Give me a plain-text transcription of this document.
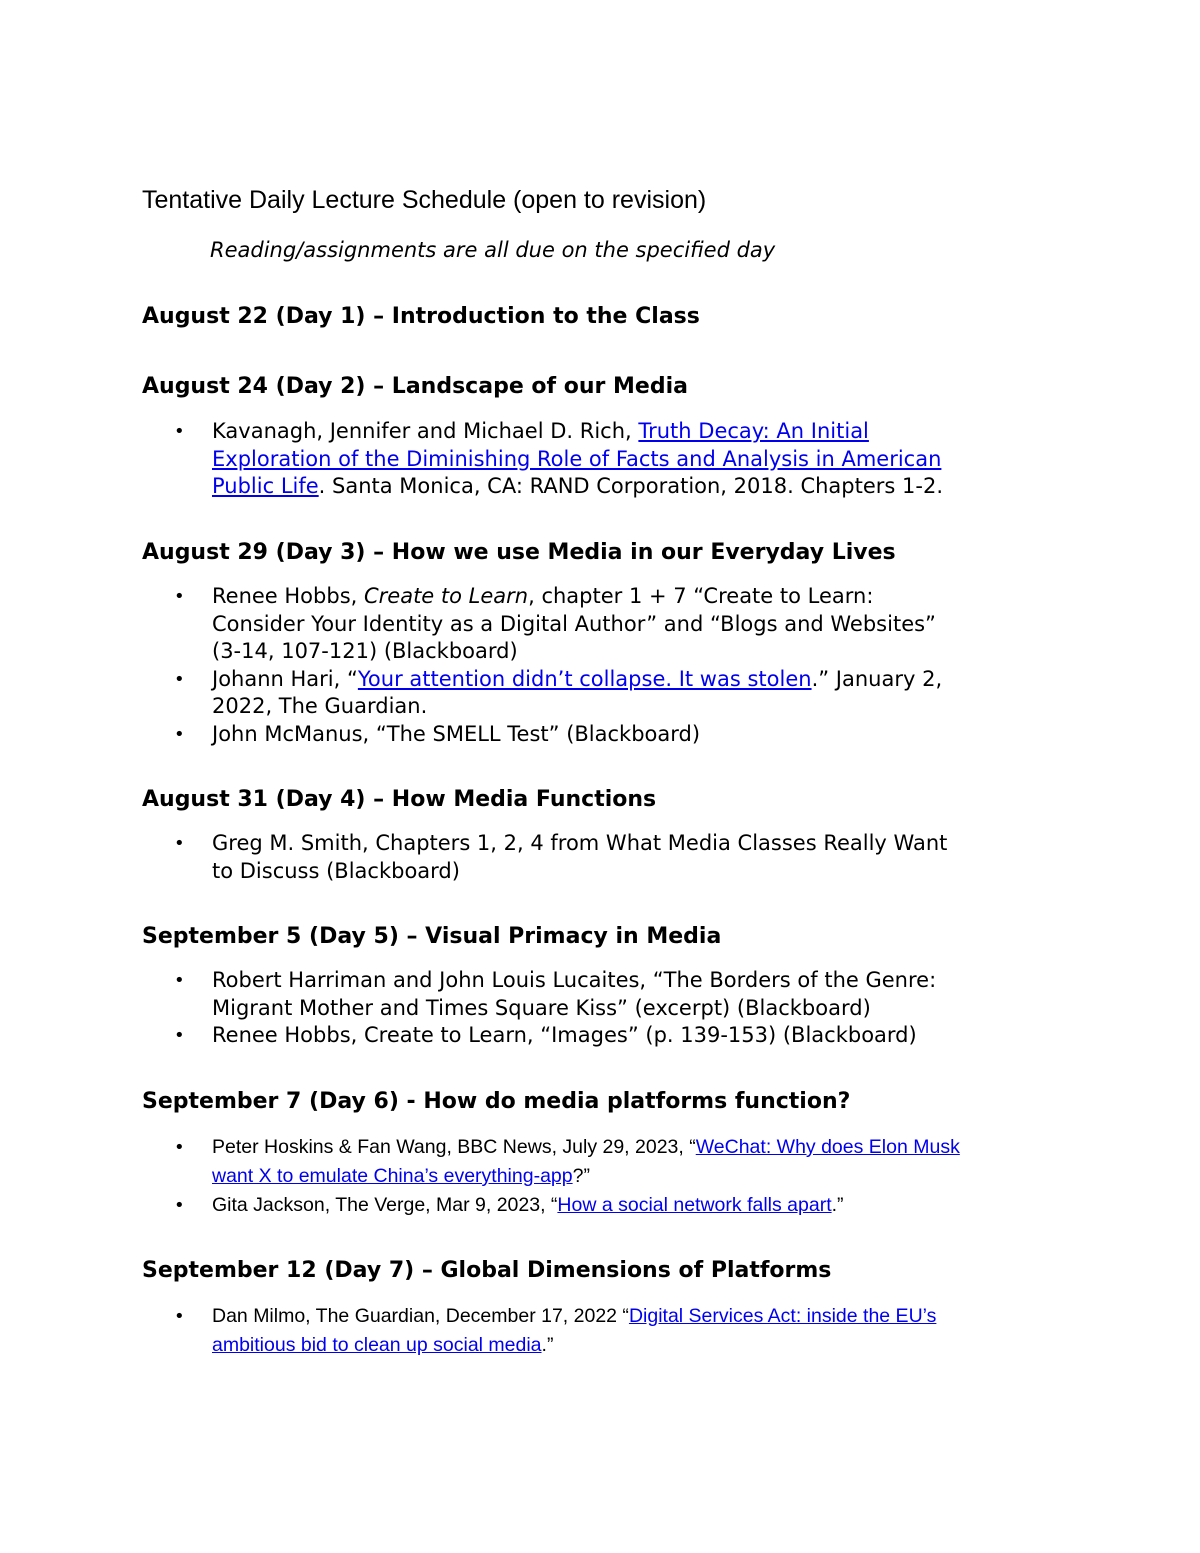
Tentative Daily Lecture Schedule (open to revision)
Reading/assignments are all due on the specified day
August 22 (Day 1) – Introduction to the Class
August 24 (Day 2) – Landscape of our Media
• Kavanagh, Jennifer and Michael D. Rich, Truth Decay: An Initial
Exploration of the Diminishing Role of Facts and Analysis in American
Public Life. Santa Monica, CA: RAND Corporation, 2018. Chapters 1-2.
August 29 (Day 3) – How we use Media in our Everyday Lives
• Renee Hobbs, Create to Learn, chapter 1 + 7 “Create to Learn:
Consider Your Identity as a Digital Author” and “Blogs and Websites”
(3-14, 107-121) (Blackboard)
• Johann Hari, “Your attention didn’t collapse. It was stolen.” January 2,
2022, The Guardian.
• John McManus, “The SMELL Test” (Blackboard)
August 31 (Day 4) – How Media Functions
• Greg M. Smith, Chapters 1, 2, 4 from What Media Classes Really Want
to Discuss (Blackboard)
September 5 (Day 5) – Visual Primacy in Media
• Robert Harriman and John Louis Lucaites, “The Borders of the Genre:
Migrant Mother and Times Square Kiss” (excerpt) (Blackboard)
• Renee Hobbs, Create to Learn, “Images” (p. 139-153) (Blackboard)
September 7 (Day 6) - How do media platforms function?
• Peter Hoskins & Fan Wang, BBC News, July 29, 2023, “WeChat: Why does Elon Musk
want X to emulate China’s everything-app?”
• Gita Jackson, The Verge, Mar 9, 2023, “How a social network falls apart.”
September 12 (Day 7) – Global Dimensions of Platforms
• Dan Milmo, The Guardian, December 17, 2022 “Digital Services Act: inside the EU’s
ambitious bid to clean up social media.”
